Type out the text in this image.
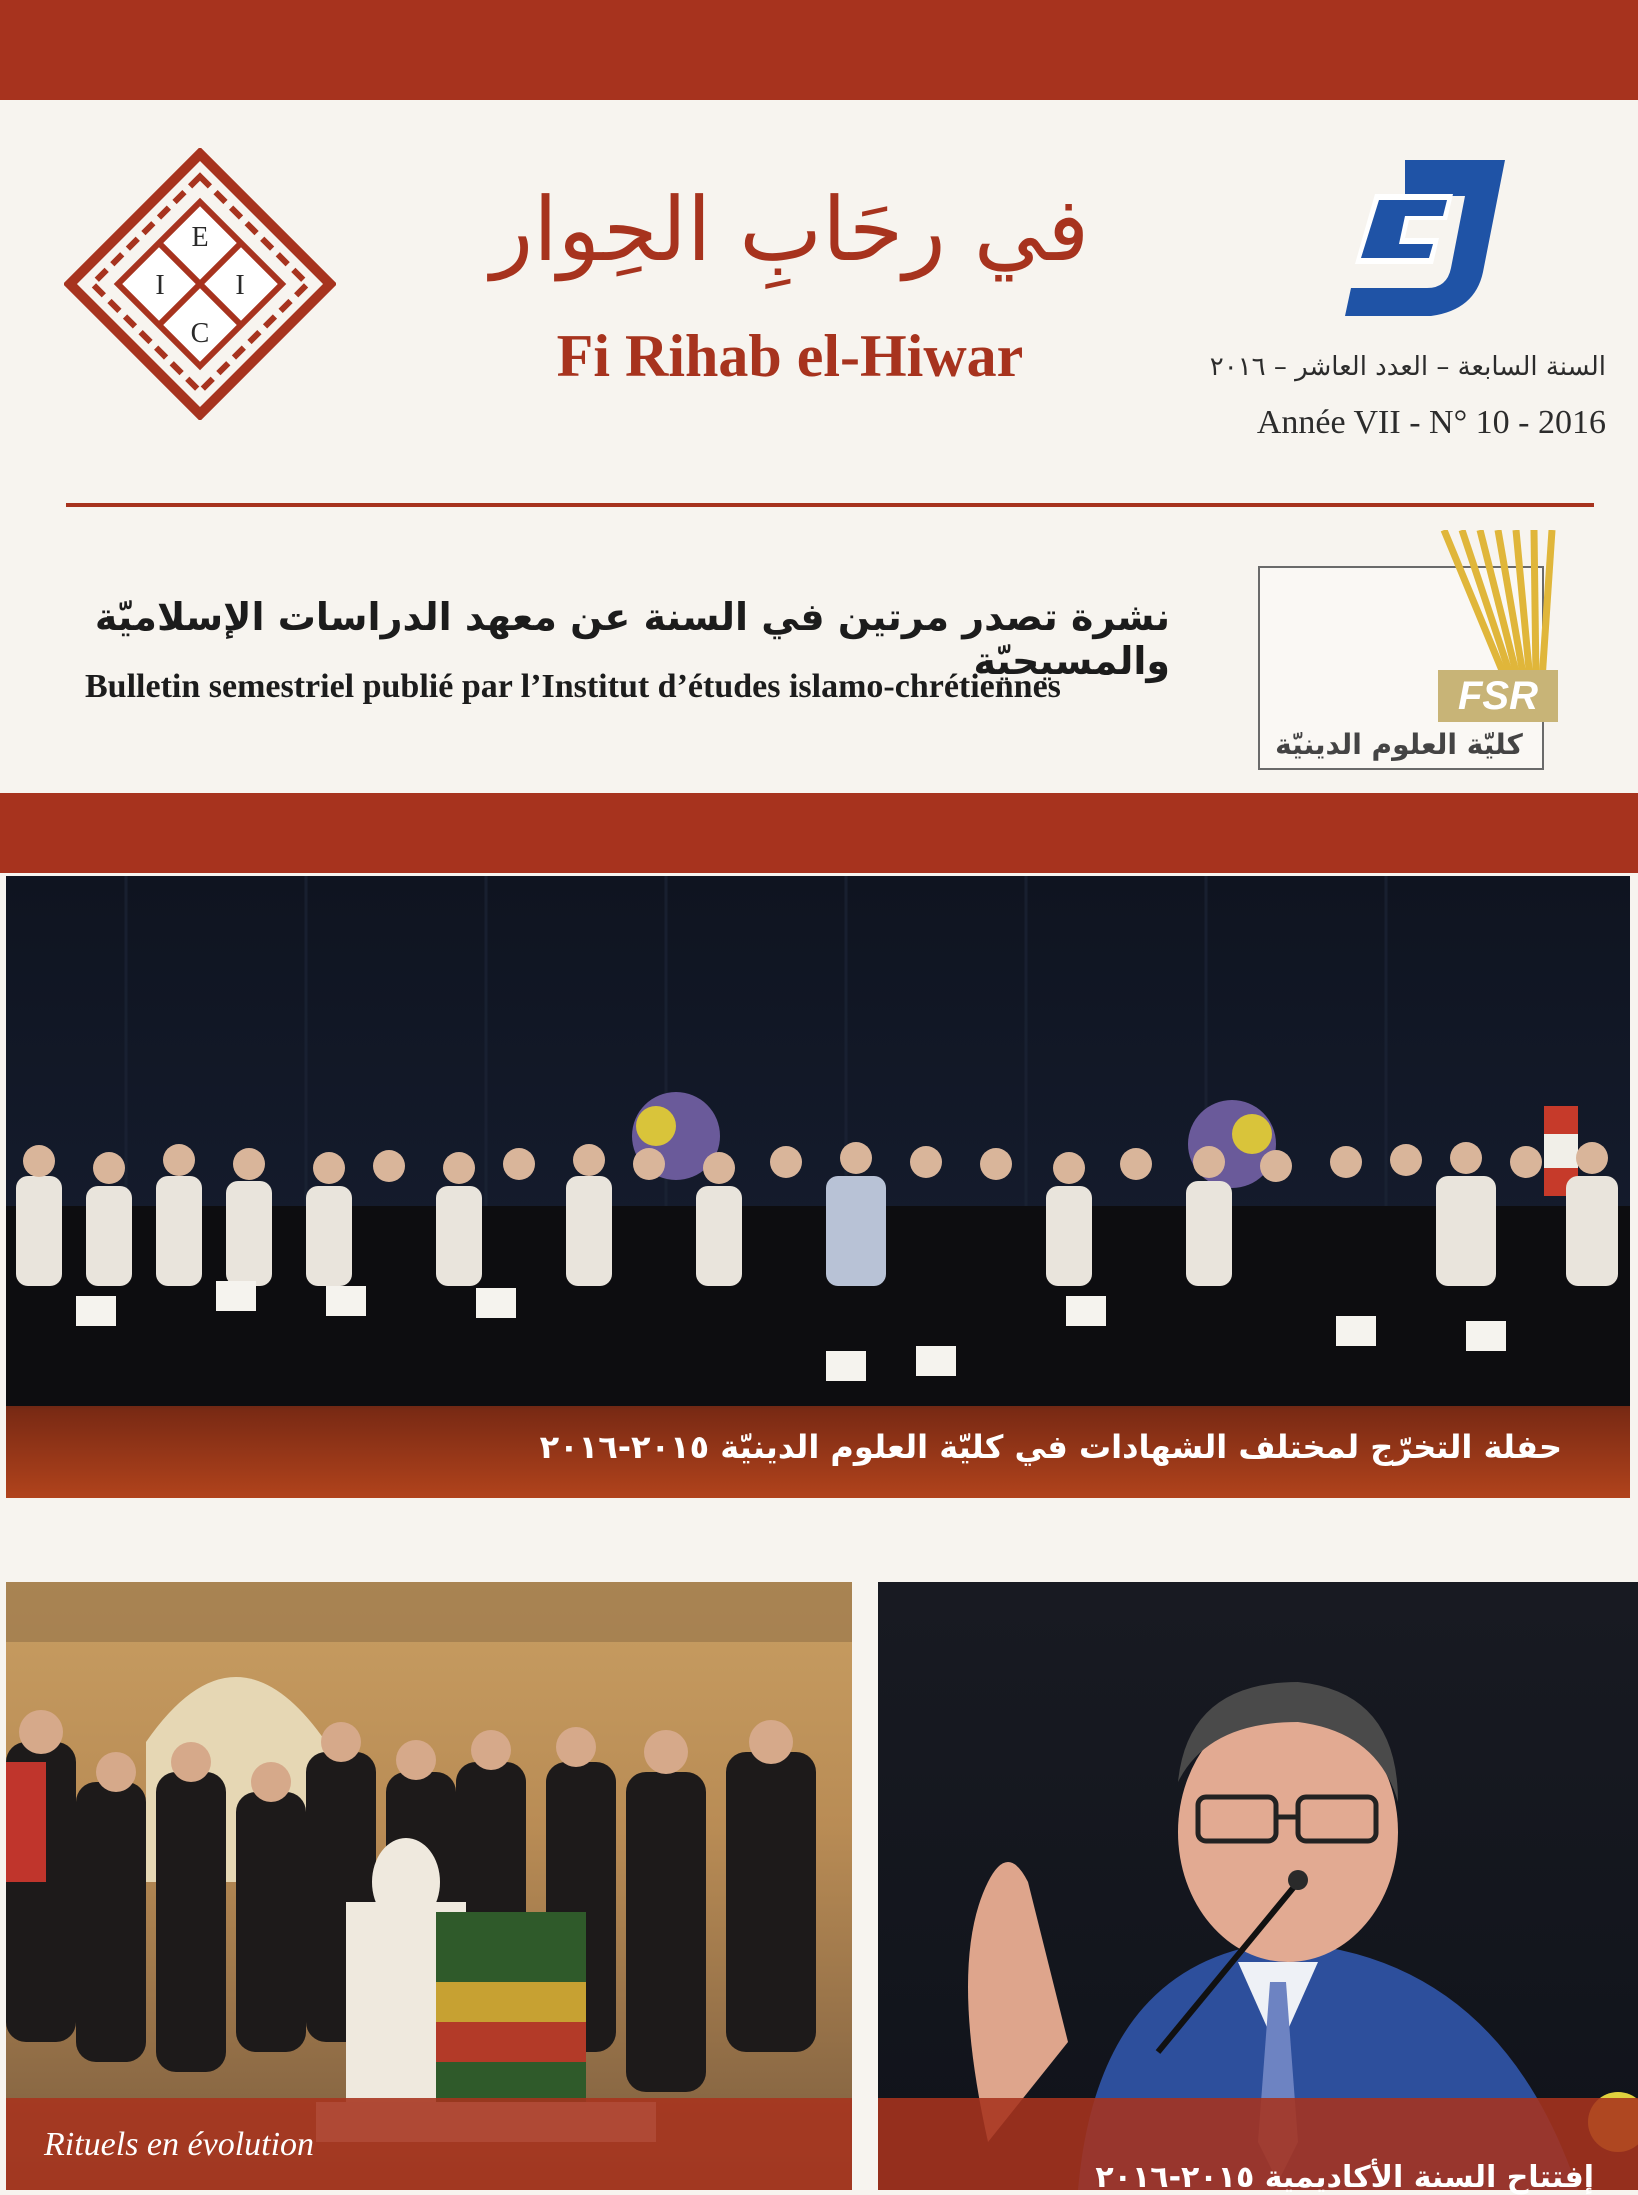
E
I	I
C
في رحَابِ الحِوار
Fi Rihab el-Hiwar	السنة السابعة – العدد العاشر – ٢٠١٦
Année VII - N° 10 - 2016
نشرة تصدر مرتين في السنة عن معهد الدراسات الإسلاميّة والمسيحيّة
Bulletin semestriel publié par l’Institut d’études islamo-chrétiennes	FSR
كليّة العلوم الدينيّة
حفلة التخرّج لمختلف الشهادات في كليّة العلوم الدينيّة ٢٠١٥-٢٠١٦
Rituels en évolution
إفتتاح السنة الأكاديمية ٢٠١٥-٢٠١٦
